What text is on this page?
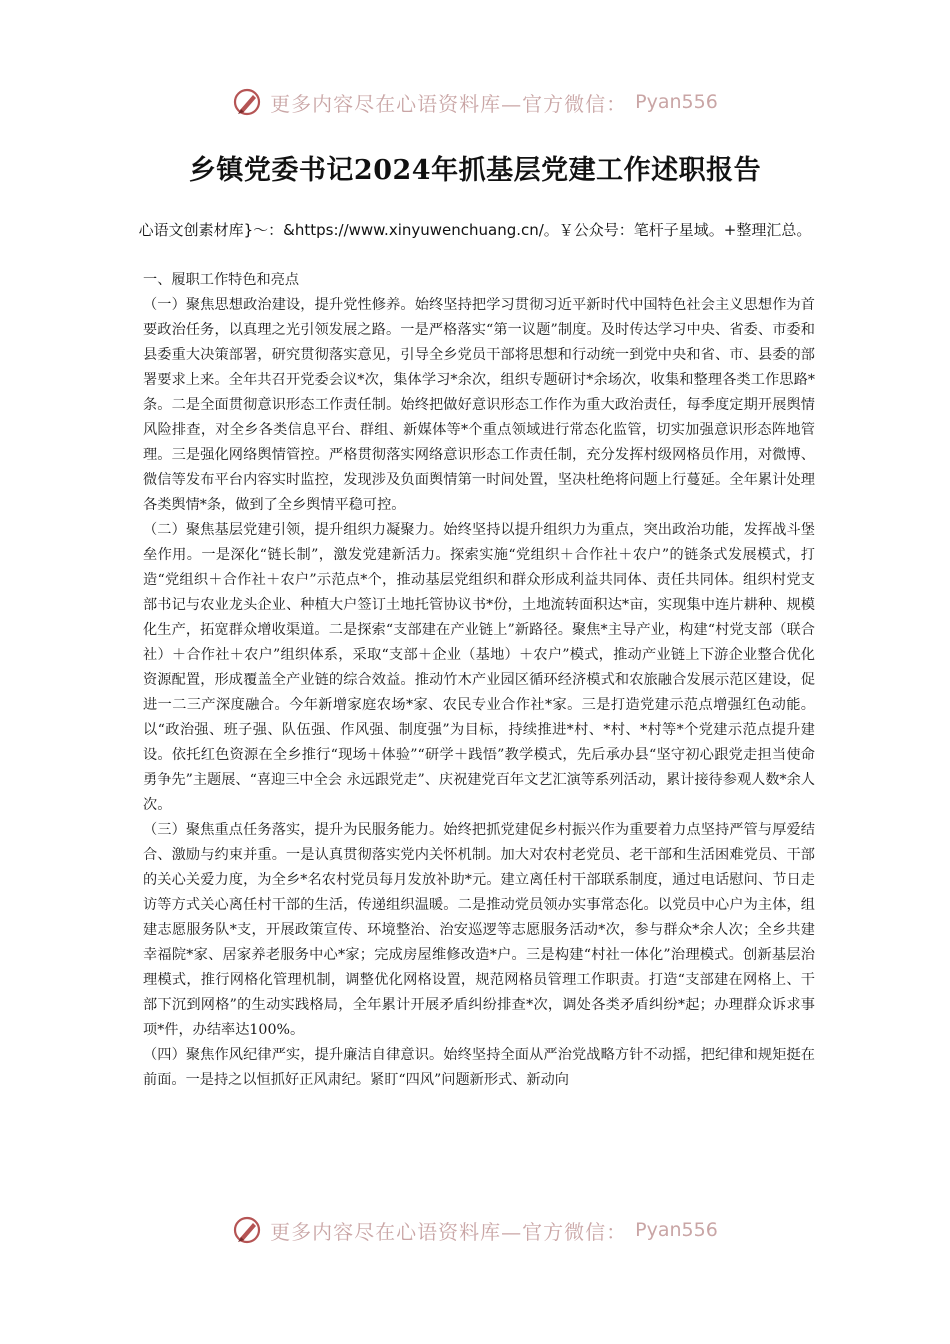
更多内容尽在心语资料库—官方微信： Pyan556
乡镇党委书记2024年抓基层党建工作述职报告
心语文创素材库}～：&https://www.xinyuwenchuang.cn/。￥公众号：笔杆子星域。+整理汇总。

一、履职工作特色和亮点

（一）聚焦思想政治建设，提升党性修养。始终坚持把学习贯彻习近平新时代中国特色社会主义思想作为首要政治任务，以真理之光引领发展之路。一是严格落实“第一议题”制度。及时传达学习中央、省委、市委和县委重大决策部署，研究贯彻落实意见，引导全乡党员干部将思想和行动统一到党中央和省、市、县委的部署要求上来。全年共召开党委会议*次，集体学习*余次，组织专题研讨*余场次，收集和整理各类工作思路*条。二是全面贯彻意识形态工作责任制。始终把做好意识形态工作作为重大政治责任，每季度定期开展舆情风险排查，对全乡各类信息平台、群组、新媒体等*个重点领域进行常态化监管，切实加强意识形态阵地管理。三是强化网络舆情管控。严格贯彻落实网络意识形态工作责任制，充分发挥村级网格员作用，对微博、微信等发布平台内容实时监控，发现涉及负面舆情第一时间处置，坚决杜绝将问题上行蔓延。全年累计处理各类舆情*条，做到了全乡舆情平稳可控。

（二）聚焦基层党建引领，提升组织力凝聚力。始终坚持以提升组织力为重点，突出政治功能，发挥战斗堡垒作用。一是深化“链长制”，激发党建新活力。探索实施“党组织＋合作社＋农户”的链条式发展模式，打造“党组织＋合作社＋农户”示范点*个，推动基层党组织和群众形成利益共同体、责任共同体。组织村党支部书记与农业龙头企业、种植大户签订土地托管协议书*份，土地流转面积达*亩，实现集中连片耕种、规模化生产，拓宽群众增收渠道。二是探索“支部建在产业链上”新路径。聚焦*主导产业，构建“村党支部（联合社）＋合作社＋农户”组织体系，采取“支部＋企业（基地）＋农户”模式，推动产业链上下游企业整合优化资源配置，形成覆盖全产业链的综合效益。推动竹木产业园区循环经济模式和农旅融合发展示范区建设，促进一二三产深度融合。今年新增家庭农场*家、农民专业合作社*家。三是打造党建示范点增强红色动能。以“政治强、班子强、队伍强、作风强、制度强”为目标，持续推进*村、*村、*村等*个党建示范点提升建设。依托红色资源在全乡推行“现场＋体验”“研学＋践悟”教学模式，先后承办县“坚守初心跟党走担当使命勇争先”主题展、“喜迎三中全会 永远跟党走”、庆祝建党百年文艺汇演等系列活动，累计接待参观人数*余人次。

（三）聚焦重点任务落实，提升为民服务能力。始终把抓党建促乡村振兴作为重要着力点坚持严管与厚爱结合、激励与约束并重。一是认真贯彻落实党内关怀机制。加大对农村老党员、老干部和生活困难党员、干部的关心关爱力度，为全乡*名农村党员每月发放补助*元。建立离任村干部联系制度，通过电话慰问、节日走访等方式关心离任村干部的生活，传递组织温暖。二是推动党员领办实事常态化。以党员中心户为主体，组建志愿服务队*支，开展政策宣传、环境整治、治安巡逻等志愿服务活动*次，参与群众*余人次；全乡共建幸福院*家、居家养老服务中心*家；完成房屋维修改造*户。三是构建“村社一体化”治理模式。创新基层治理模式，推行网格化管理机制，调整优化网格设置，规范网格员管理工作职责。打造“支部建在网格上、干部下沉到网格”的生动实践格局，全年累计开展矛盾纠纷排查*次，调处各类矛盾纠纷*起；办理群众诉求事项*件，办结率达100%。

（四）聚焦作风纪律严实，提升廉洁自律意识。始终坚持全面从严治党战略方针不动摇，把纪律和规矩挺在前面。一是持之以恒抓好正风肃纪。紧盯“四风”问题新形式、新动向

更多内容尽在心语资料库—官方微信： Pyan556
